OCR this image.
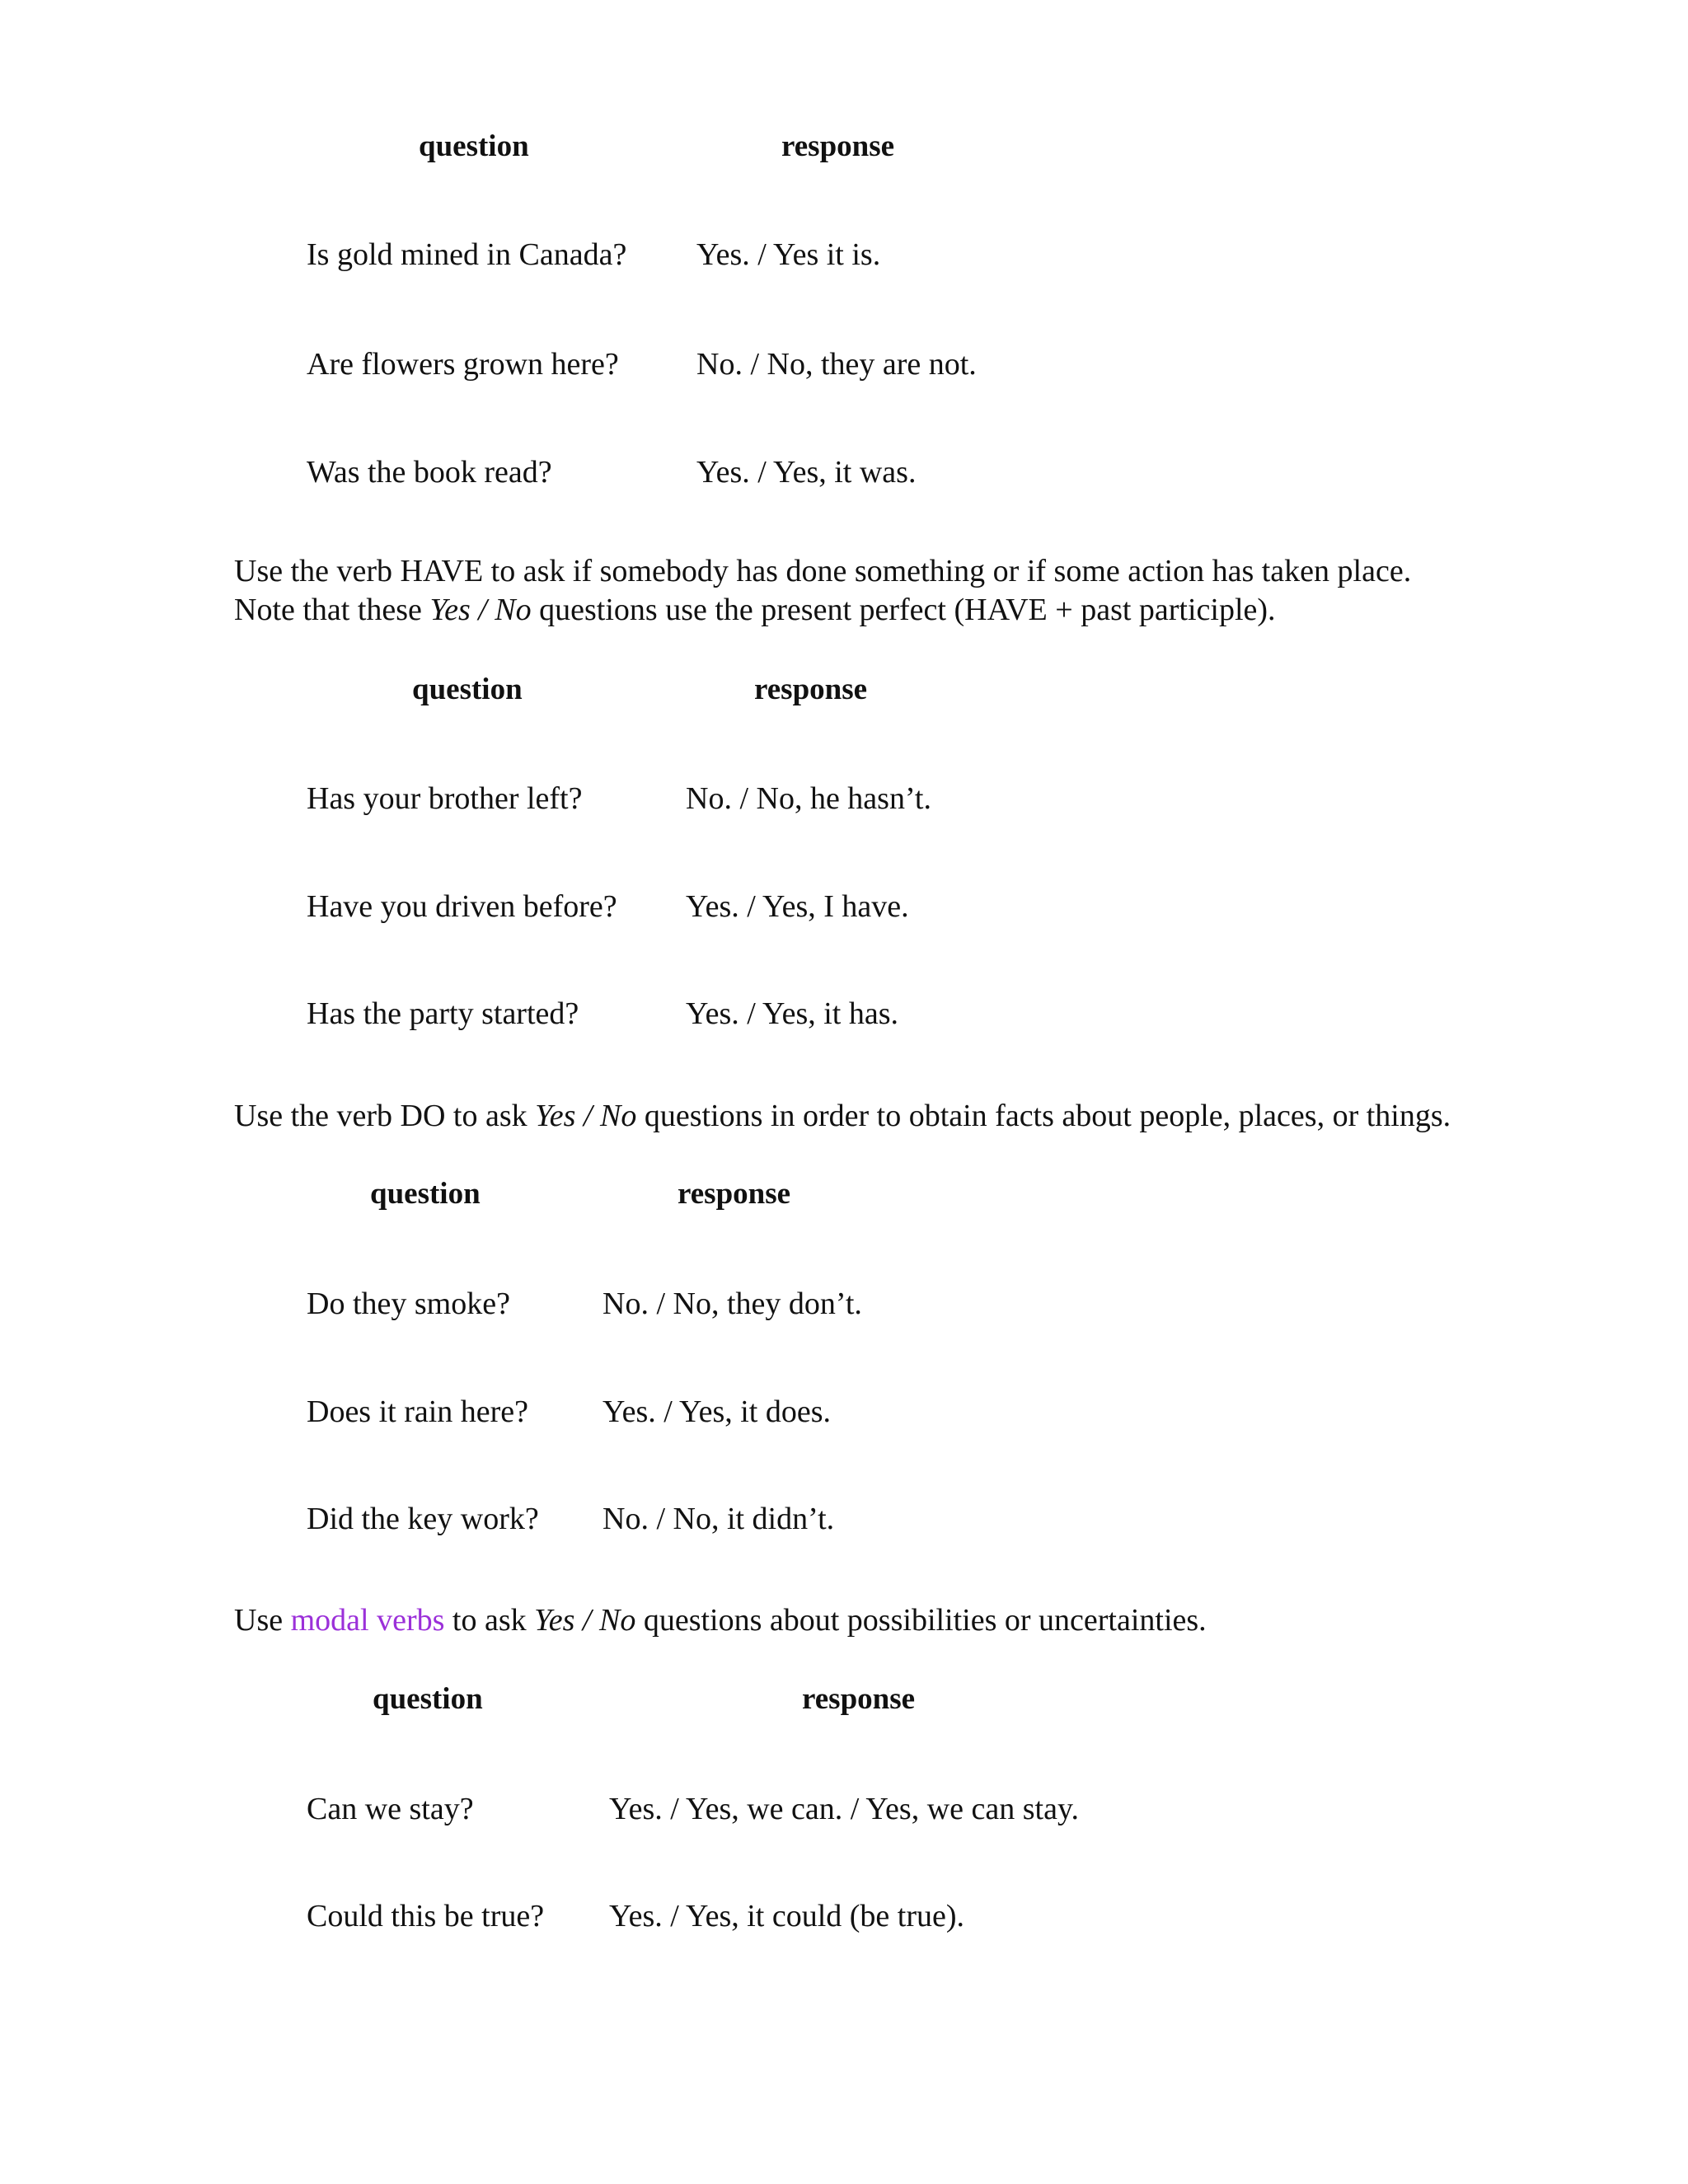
question	response
Is gold mined in Canada? Yes. / Yes it is.
Are flowers grown here? No. / No, they are not.
Was the book read?	Yes. / Yes, it was.
Use the verb HAVE to ask if somebody has done something or if some action has taken place.
Note that these Yes / No questions use the present perfect (HAVE + past participle).
question	response
Has your brother left?	No. / No, he hasn’t.
Have you driven before? Yes. / Yes, I have.
Has the party started?	Yes. / Yes, it has.
Use the verb DO to ask Yes / No questions in order to obtain facts about people, places, or things.
question	response
Do they smoke?	No. / No, they don’t.
Does it rain here? Yes. / Yes, it does.
Did the key work? No. / No, it didn’t.
Use modal verbs to ask Yes / No questions about possibilities or uncertainties.
question	response
Can we stay?	Yes. / Yes, we can. / Yes, we can stay.
Could this be true? Yes. / Yes, it could (be true).
